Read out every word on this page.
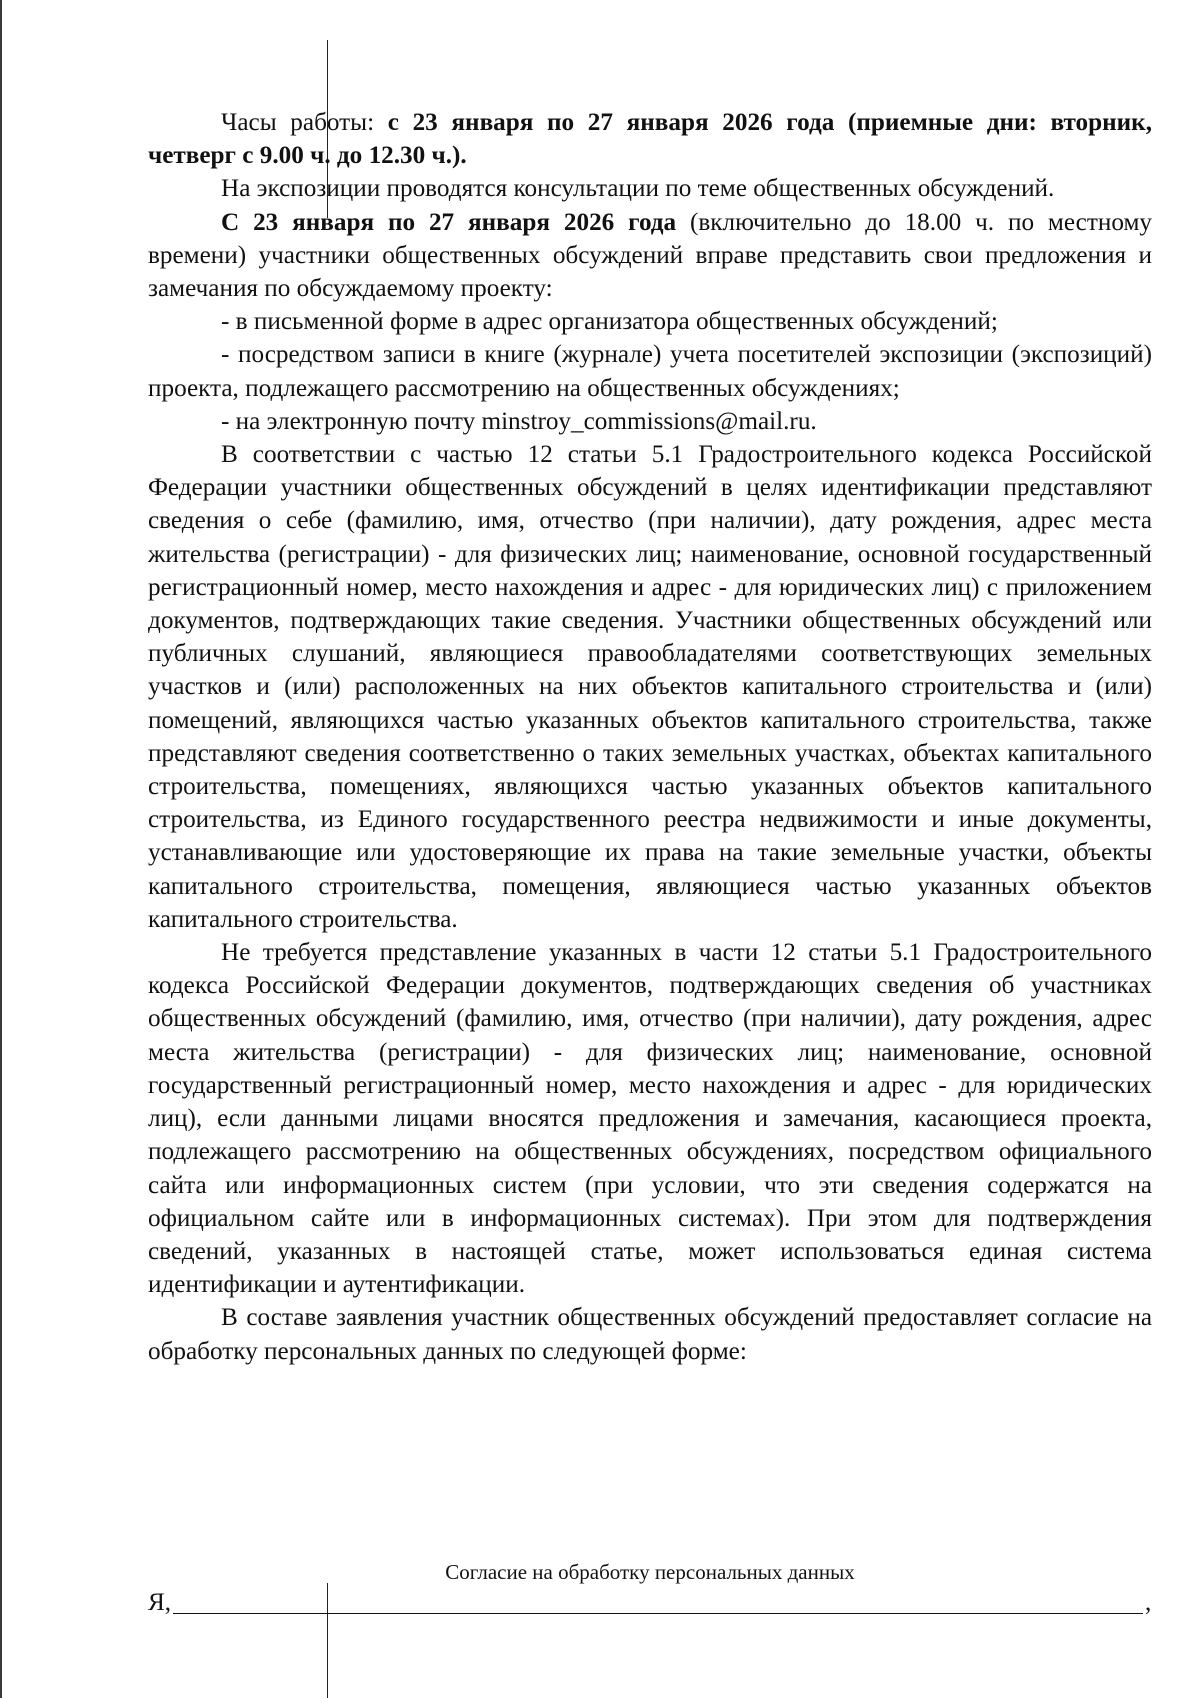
Часы работы: с 23 января по 27 января 2026 года (приемные дни: вторник, четверг с 9.00 ч. до 12.30 ч.).

На экспозиции проводятся консультации по теме общественных обсуждений.

С 23 января по 27 января 2026 года (включительно до 18.00 ч. по местному времени) участники общественных обсуждений вправе представить свои предложения и замечания по обсуждаемому проекту:

- в письменной форме в адрес организатора общественных обсуждений;

- посредством записи в книге (журнале) учета посетителей экспозиции (экспозиций) проекта, подлежащего рассмотрению на общественных обсуждениях;

- на электронную почту minstroy_commissions@mail.ru.

В соответствии с частью 12 статьи 5.1 Градостроительного кодекса Российской Федерации участники общественных обсуждений в целях идентификации представляют сведения о себе (фамилию, имя, отчество (при наличии), дату рождения, адрес места жительства (регистрации) - для физических лиц; наименование, основной государственный регистрационный номер, место нахождения и адрес - для юридических лиц) с приложением документов, подтверждающих такие сведения. Участники общественных обсуждений или публичных слушаний, являющиеся правообладателями соответствующих земельных участков и (или) расположенных на них объектов капитального строительства и (или) помещений, являющихся частью указанных объектов капитального строительства, также представляют сведения соответственно о таких земельных участках, объектах капитального строительства, помещениях, являющихся частью указанных объектов капитального строительства, из Единого государственного реестра недвижимости и иные документы, устанавливающие или удостоверяющие их права на такие земельные участки, объекты капитального строительства, помещения, являющиеся частью указанных объектов капитального строительства.

Не требуется представление указанных в части 12 статьи 5.1 Градостроительного кодекса Российской Федерации документов, подтверждающих сведения об участниках общественных обсуждений (фамилию, имя, отчество (при наличии), дату рождения, адрес места жительства (регистрации) - для физических лиц; наименование, основной государственный регистрационный номер, место нахождения и адрес - для юридических лиц), если данными лицами вносятся предложения и замечания, касающиеся проекта, подлежащего рассмотрению на общественных обсуждениях, посредством официального сайта или информационных систем (при условии, что эти сведения содержатся на официальном сайте или в информационных системах). При этом для подтверждения сведений, указанных в настоящей статье, может использоваться единая система идентификации и аутентификации.

В составе заявления участник общественных обсуждений предоставляет согласие на обработку персональных данных по следующей форме:

Согласие на обработку персональных данных
Я,	,
